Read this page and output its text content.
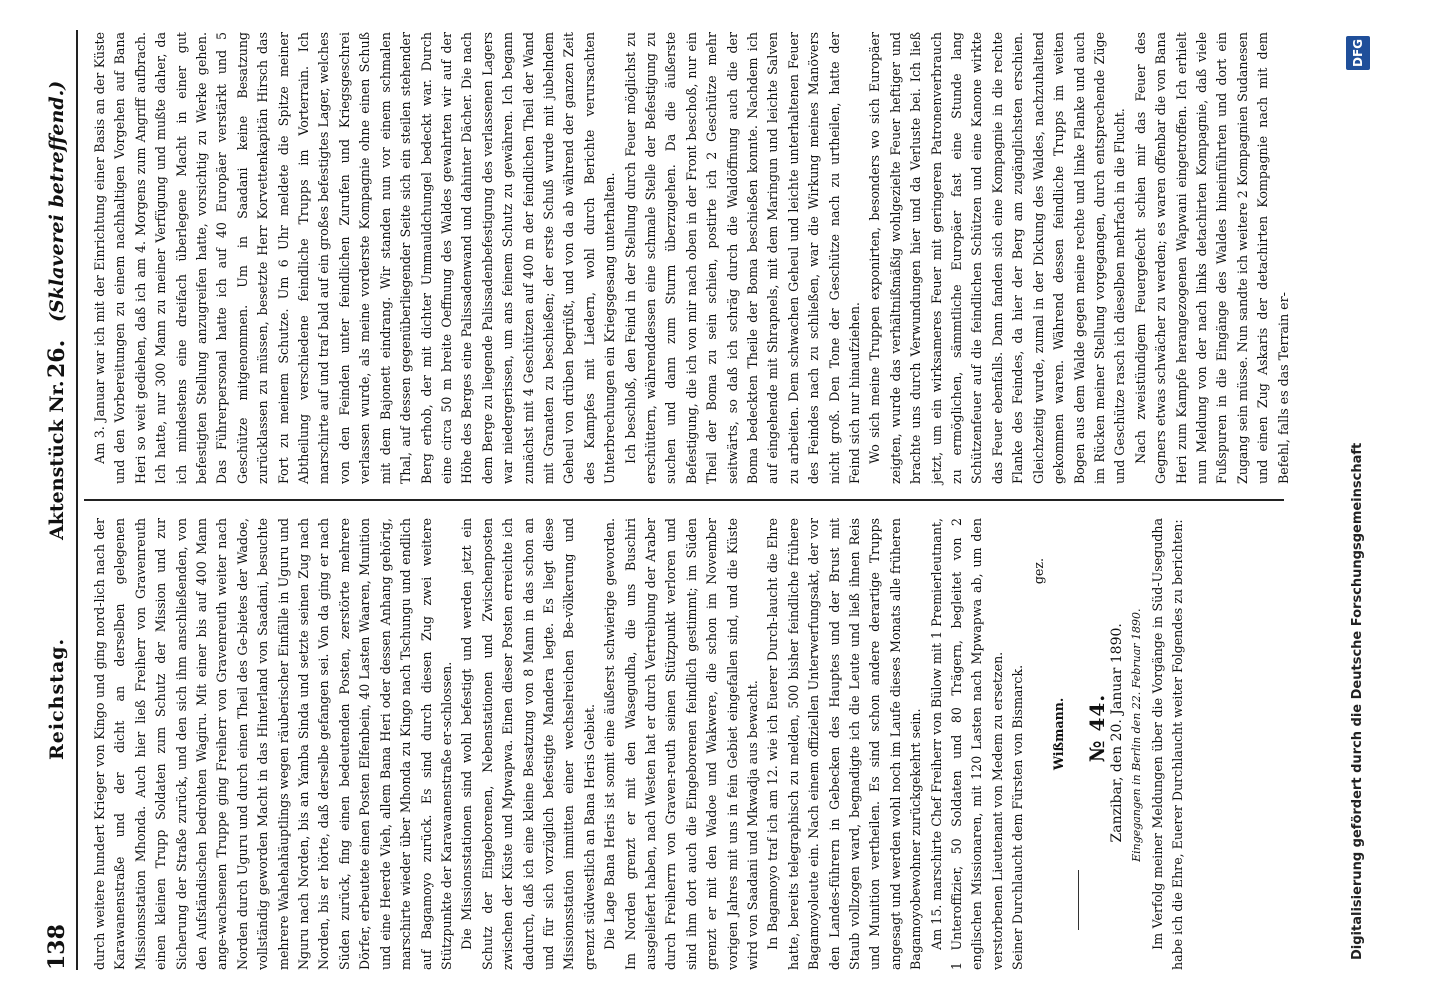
138
Reichstag.
Aktenstück Nr.
26.
(Sklaverei betreffend.)

durch weitere hundert Krieger von Kingo und ging nord-lich nach der Karawanenstraße und der dicht an derselben gelegenen Missionsstation Mhonda. Auch hier ließ Freiherr von Gravenreuth einen kleinen Trupp Soldaten zum Schutz der Mission und zur Sicherung der Straße zurück, und den sich ihm anschließenden, von den Aufständischen bedrohten Wagiru. Mit einer bis auf 400 Mann ange-wachsenen Truppe ging Freiherr von Gravenreuth weiter nach Norden durch Uguru und durch einen Theil des Ge-bietes der Wadoe, vollständig geworden Macht in das Hinterland von Saadani, besuchte mehrere Wahehahäuptlings wegen räuberischer Einfälle in Uguru und Nguru nach Norden, bis an Yamba Sinda und setzte seinen Zug nach Norden, bis er hörte, daß derselbe gefangen sei. Von da ging er nach Süden zurück, fing einen bedeutenden Posten, zerstörte mehrere Dörfer, erbeutete einen Posten Elfenbein, 40 Lasten Waaren, Munition und eine Heerde Vieh, allem Bana Heri oder dessen Anhang gehörig, marschirte wieder über Mhonda zu Kingo nach Tschungu und endlich auf Bagamoyo zurück. Es sind durch diesen Zug zwei weitere Stützpunkte der Karawanenstraße er-schlossen. Die Missionsstationen sind wohl befestigt und werden jetzt ein Schutz der Eingeborenen, Nebenstationen und Zwischenposten zwischen der Küste und Mpwapwa. Einen dieser Posten erreichte ich dadurch, daß ich eine kleine Besatzung von 8 Mann in das schon an und für sich vorzüglich befestigte Mandera legte. Es liegt diese Missionsstation inmitten einer wechselreichen Be-völkerung und grenzt südwestlich an Bana Heris Gebiet. Die Lage Bana Heris ist somit eine äußerst schwierige geworden. Im Norden grenzt er mit den Wasegudha, die uns Buschiri ausgeliefert haben, nach Westen hat er durch Vertreibung der Araber durch Freiherrn von Graven-reuth seinen Stützpunkt verloren und sind ihm dort auch die Eingeborenen feindlich gestimmt; im Süden grenzt er mit den Wadoe und Wakwere, die schon im November vorigen Jahres mit uns in fein Gebiet eingefallen sind, und die Küste wird von Saadani und Mkwadja aus bewacht. In Bagamoyo traf ich am 12. wie ich Euerer Durch-laucht die Ehre hatte, bereits telegraphisch zu melden, 500 bisher feindliche frühere Bagamoyoleute ein. Nach einem offiziellen Unterwerfungsakt, der vor den Landes-führern in Gebecken des Hauptes und der Brust mit Staub vollzogen ward, begnadigte ich die Leute und ließ ihnen Reis und Munition vertheilen. Es sind schon andere derartige Trupps angesagt und werden wohl noch im Laufe dieses Monats alle früheren Bagamoyobewohner zurückgekehrt sein. Am 15. marschirte Chef Freiherr von Bülow mit 1 Premierleutnant, 1 Unteroffizier, 50 Soldaten und 80 Trägern, begleitet von 2 englischen Missionaren, mit 120 Lasten nach Mpwapwa ab, um den verstorbenen Lieutenant von Medem zu ersetzen. Seiner Durchlaucht dem Fürsten von Bismarck.

gez.

Wißmann. № 44. Zanzibar, den 20. Januar 1890. Eingegangen in Berlin den 22. Februar 1890. Im Verfolg meiner Meldungen über die Vorgänge in Süd-Usegudha habe ich die Ehre, Euerer Durchlaucht weiter Folgendes zu berichten:

Am 3. Januar war ich mit der Einrichtung einer Basis an der Küste und den Vorbereitungen zu einem nachhaltigen Vorgehen auf Bana Heri so weit gediehen, daß ich am 4. Morgens zum Angriff aufbrach. Ich hatte, nur 300 Mann zu meiner Verfügung und mußte daher, da ich mindestens eine dreifach überlegene Macht in einer gut befestigten Stellung anzugreifen hatte, vorsichtig zu Werke gehen. Das Führerpersonal hatte ich auf 40 Europäer verstärkt und 5 Geschütze mitgenommen. Um in Saadani keine Besatzung zurücklassen zu müssen, besetzte Herr Korvettenkapitän Hirsch das Fort zu meinem Schutze. Um 6 Uhr meldete die Spitze meiner Abtheilung verschiedene feindliche Trupps im Vorterrain. Ich marschirte auf und traf bald auf ein großes befestigtes Lager, welches von den Feinden unter feindlichen Zurufen und Kriegsgeschrei verlassen wurde, als meine vorderste Kompagnie ohne einen Schuß mit dem Bajonett eindrang. Wir standen nun vor einem schmalen Thal, auf dessen gegenüberliegender Seite sich ein steilen stehender Berg erhob, der mit dichter Ummauldchungel bedeckt war. Durch eine circa 50 m breite Oeffnung des Waldes gewahrten wir auf der Höhe des Berges eine Palissadenwand und dahinter Dächer. Die nach dem Berge zu liegende Palissadenbefestigung des verlassenen Lagers war niedergerissen, um ans feinem Schutz zu gewähren. Ich begann zunächst mit 4 Geschützen auf 400 m der feindlichen Theil der Wand mit Granaten zu beschießen; der erste Schuß wurde mit jubelndem Geheul von drüben begrüßt, und von da ab während der ganzen Zeit des Kampfes mit Liedern, wohl durch Berichte verursachten Unterbrechungen ein Kriegsgesang unterhalten. Ich beschloß, den Feind in der Stellung durch Feuer möglichst zu erschüttern, währenddessen eine schmale Stelle der Befestigung zu suchen und dann zum Sturm überzugehen. Da die äußerste Befestigung, die ich von mir nach oben in der Front beschoß, nur ein Theil der Boma zu sein schien, postirte ich 2 Geschütze mehr seitwärts, so daß ich schräg durch die Waldöffnung auch die der Boma bedeckten Theile der Boma beschießen konnte. Nachdem ich auf eingehende mit Shrapnels, mit dem Maringun und leichte Salven zu arbeiten. Dem schwachen Geheul und leichte unterhaltenen Feuer des Feindes nach zu schließen, war die Wirkung meines Manövers nicht groß. Den Tone der Geschütze nach zu urtheilen, hatte der Feind sich nur hinaufziehen. Wo sich meine Truppen exponirten, besonders wo sich Europäer zeigten, wurde das verhältnißmäßig wohlgezielte Feuer heftiger und brachte uns durch Verwundungen hier und da Verluste bei. Ich ließ jetzt, um ein wirksameres Feuer mit geringeren Patronenverbrauch zu ermöglichen, sämmtliche Europäer fast eine Stunde lang Schützenfeuer auf die feindlichen Schützen und eine Kanone wirkte das Feuer ebenfalls. Dann fanden sich eine Kompagnie in die rechte Flanke des Feindes, da hier der Berg am zugänglichsten erschien. Gleichzeitig wurde, zumal in der Dickung des Waldes, nachzuhaltend gekommen waren. Während dessen feindliche Trupps im weiten Bogen aus dem Walde gegen meine rechte und linke Flanke und auch im Rücken meiner Stellung vorgegangen, durch entsprechende Züge und Geschütze rasch ich dieselben mehrfach in die Flucht. Nach zweistündigem Feuergefecht schien mir das Feuer des Gegners etwas schwächer zu werden; es waren offenbar die von Bana Heri zum Kampfe herangezogenen Wapwani eingetroffen. Ich erhielt nun Meldung von der nach links detachirten Kompagnie, daß viele Fußspuren in die Eingänge des Waldes hineinführten und dort ein Zugang sein müsse. Nun sandte ich weitere 2 Kompagnien Sudanesen und einen Zug Askaris der detachirten Kompagnie nach mit dem Befehl, falls es das Terrain er-

Digitalisierung gefördert durch die Deutsche Forschungsgemeinschaft
DFG
